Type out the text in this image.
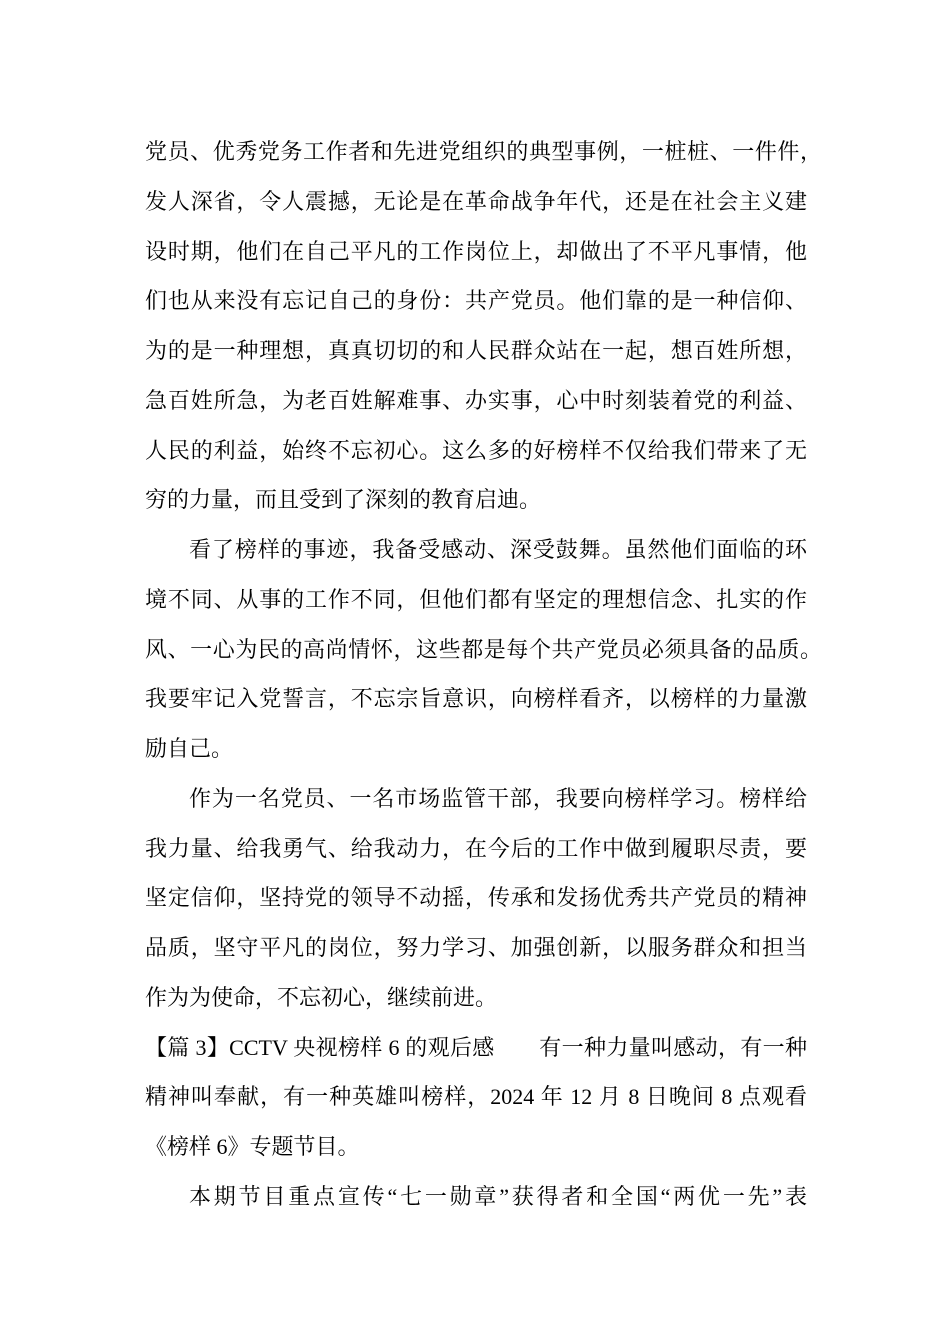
党员、优秀党务工作者和先进党组织的典型事例，一桩桩、一件件，
发人深省，令人震撼，无论是在革命战争年代，还是在社会主义建
设时期，他们在自己平凡的工作岗位上，却做出了不平凡事情，他
们也从来没有忘记自己的身份：共产党员。他们靠的是一种信仰、
为的是一种理想，真真切切的和人民群众站在一起，想百姓所想，
急百姓所急，为老百姓解难事、办实事，心中时刻装着党的利益、
人民的利益，始终不忘初心。这么多的好榜样不仅给我们带来了无
穷的力量，而且受到了深刻的教育启迪。
看了榜样的事迹，我备受感动、深受鼓舞。虽然他们面临的环
境不同、从事的工作不同，但他们都有坚定的理想信念、扎实的作
风、一心为民的高尚情怀，这些都是每个共产党员必须具备的品质。
我要牢记入党誓言，不忘宗旨意识，向榜样看齐，以榜样的力量激
励自己。
作为一名党员、一名市场监管干部，我要向榜样学习。榜样给
我力量、给我勇气、给我动力，在今后的工作中做到履职尽责，要
坚定信仰，坚持党的领导不动摇，传承和发扬优秀共产党员的精神
品质，坚守平凡的岗位，努力学习、加强创新，以服务群众和担当
作为为使命，不忘初心，继续前进。
【篇 3】CCTV 央视榜样 6 的观后感　　有一种力量叫感动，有一种
精神叫奉献，有一种英雄叫榜样，2024 年 12 月 8 日晚间 8 点观看
《榜样 6》专题节目。
本期节目重点宣传“七一勋章”获得者和全国“两优一先”表
